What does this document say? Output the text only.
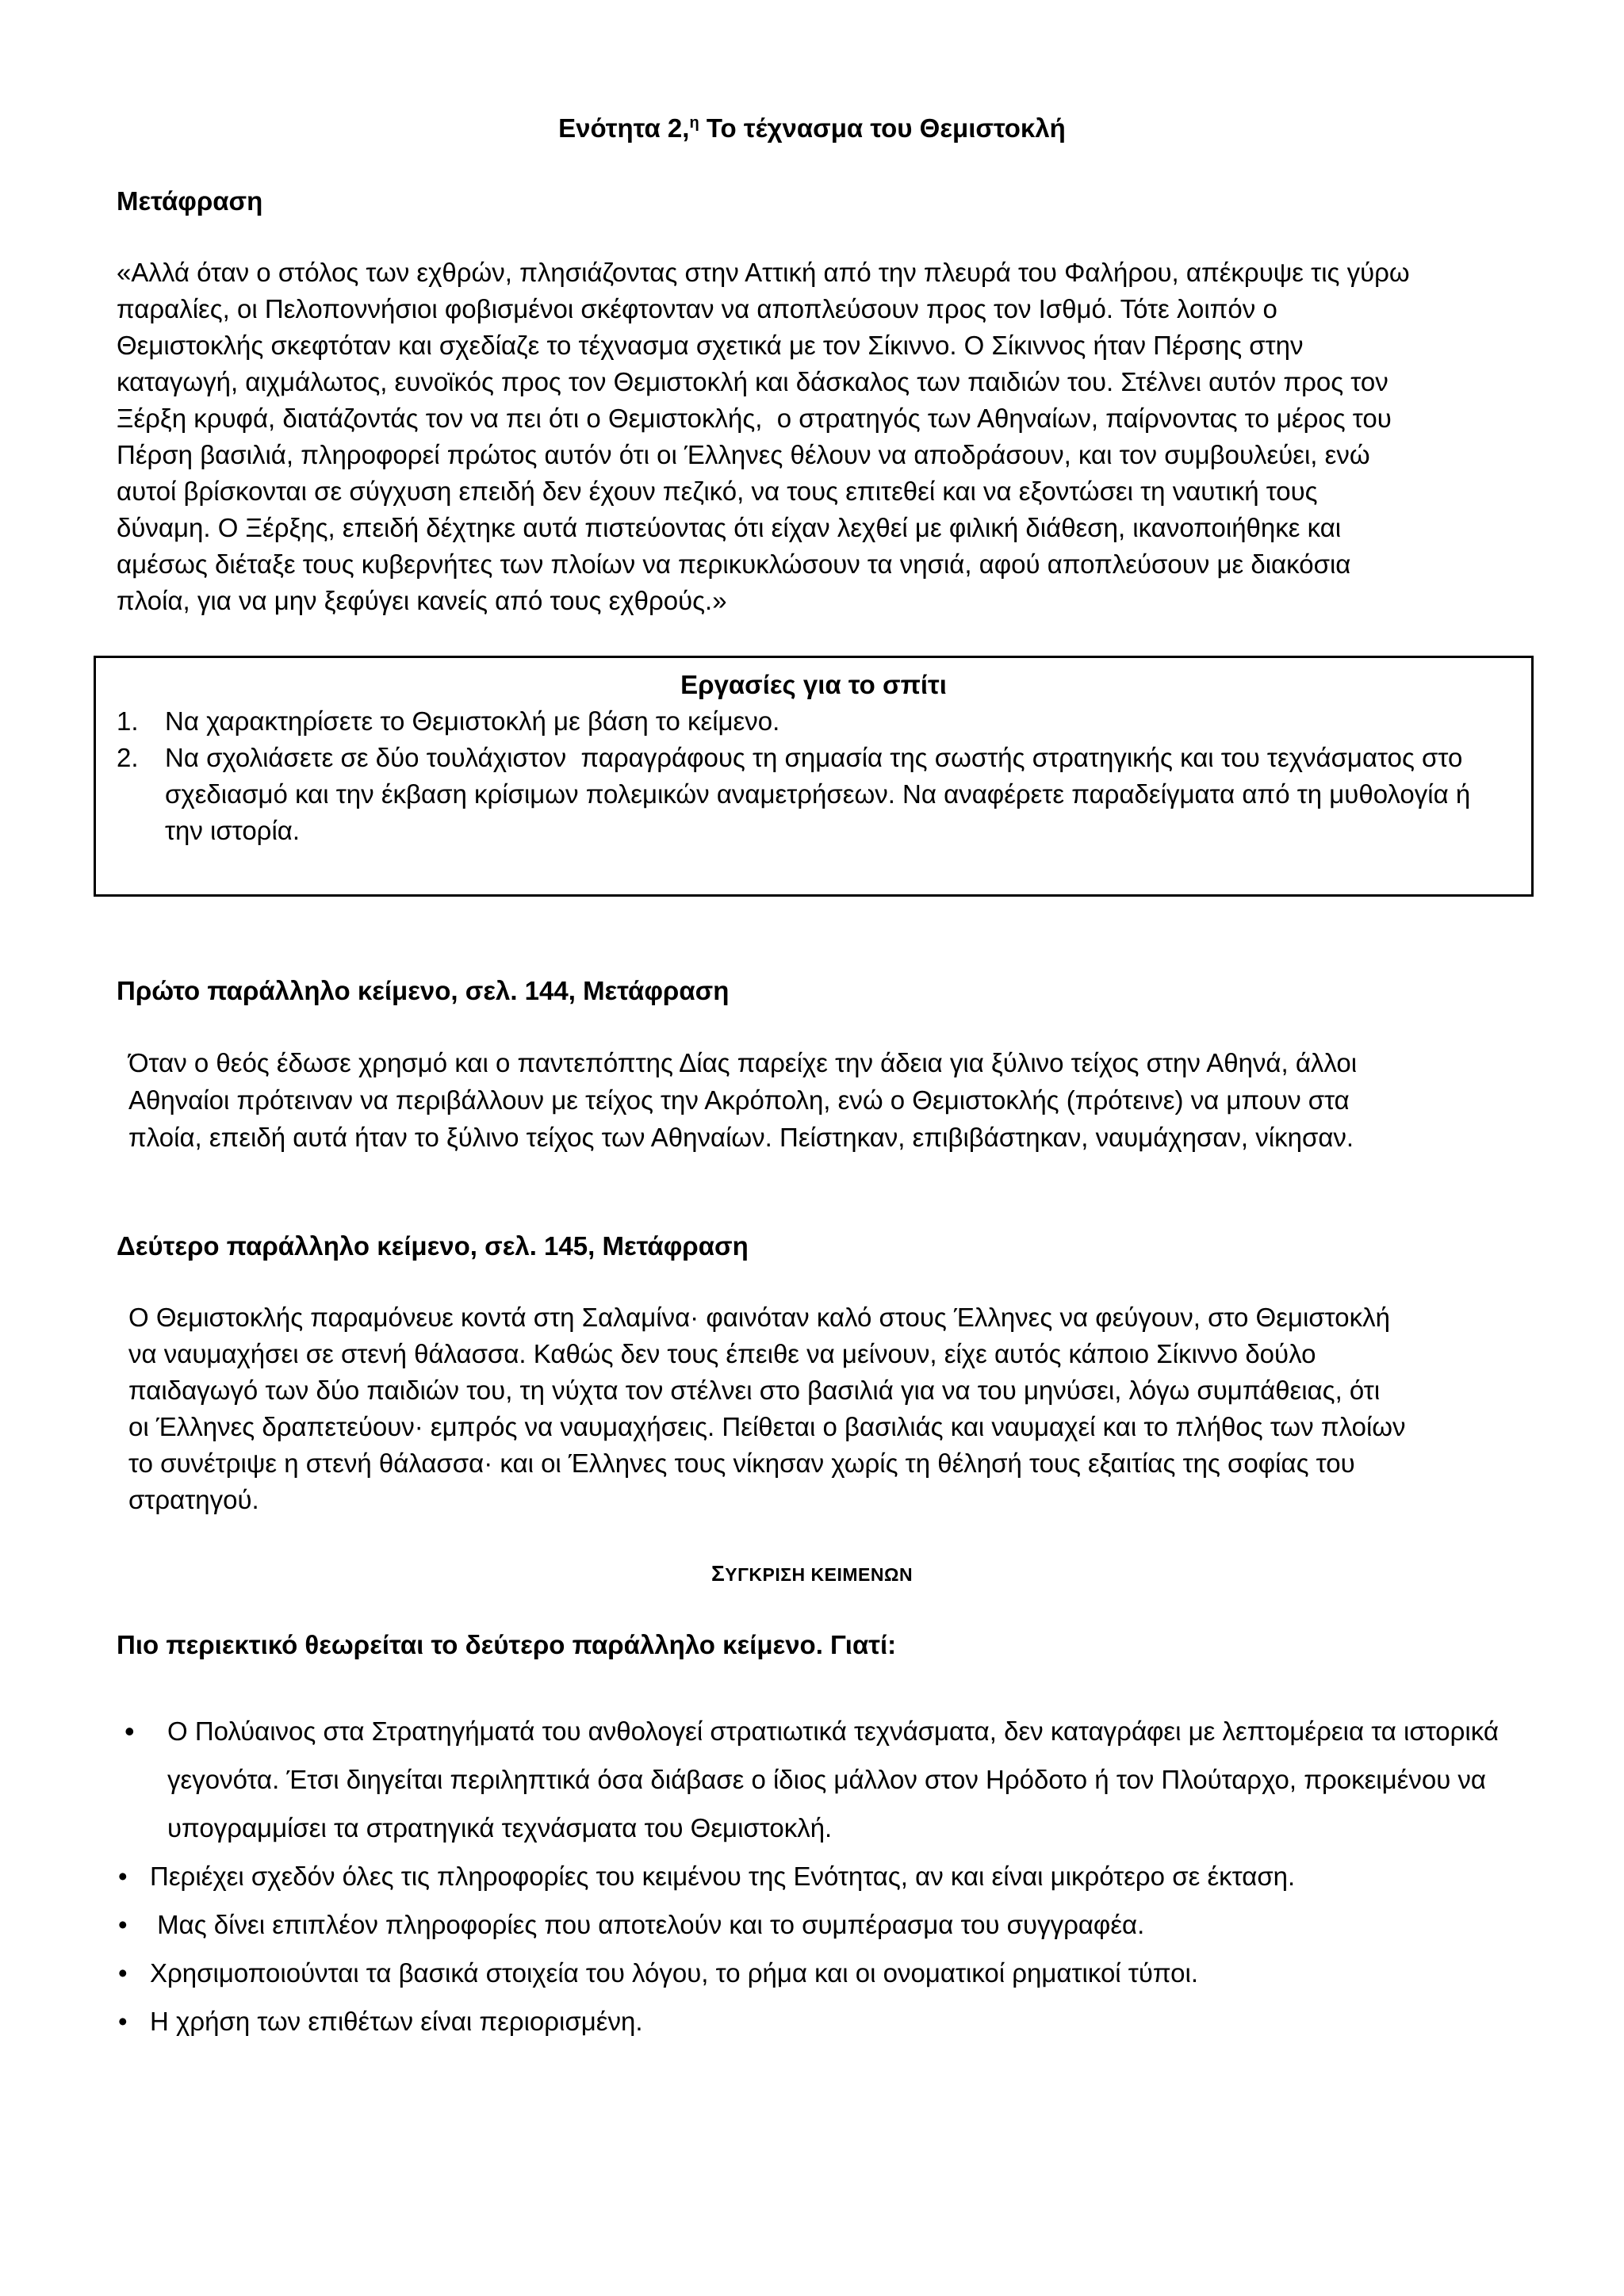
Ενότητα 2,$^\eta$ Το τέχνασμα του Θεμιστοκλή
Μετάφραση
«Αλλά όταν ο στόλος των εχθρών, πλησιάζοντας στην Αττική από την πλευρά του Φαλήρου, απέκρυψε τις γύρω
παραλίες, οι Πελοποννήσιοι φοβισμένοι σκέφτονταν να αποπλεύσουν προς τον Ισθμό. Τότε λοιπόν ο
Θεμιστοκλής σκεφτόταν και σχεδίαζε το τέχνασμα σχετικά με τον Σίκιννο. Ο Σίκιννος ήταν Πέρσης στην
καταγωγή, αιχμάλωτος, ευνοϊκός προς τον Θεμιστοκλή και δάσκαλος των παιδιών του. Στέλνει αυτόν προς τον
Ξέρξη κρυφά, διατάζοντάς τον να πει ότι ο Θεμιστοκλής,  ο στρατηγός των Αθηναίων, παίρνοντας το μέρος του
Πέρση βασιλιά, πληροφορεί πρώτος αυτόν ότι οι Έλληνες θέλουν να αποδράσουν, και τον συμβουλεύει, ενώ
αυτοί βρίσκονται σε σύγχυση επειδή δεν έχουν πεζικό, να τους επιτεθεί και να εξοντώσει τη ναυτική τους
δύναμη. Ο Ξέρξης, επειδή δέχτηκε αυτά πιστεύοντας ότι είχαν λεχθεί με φιλική διάθεση, ικανοποιήθηκε και
αμέσως διέταξε τους κυβερνήτες των πλοίων να περικυκλώσουν τα νησιά, αφού αποπλεύσουν με διακόσια
πλοία, για να μην ξεφύγει κανείς από τους εχθρούς.»
Εργασίες για το σπίτι
1. Να χαρακτηρίσετε το Θεμιστοκλή με βάση το κείμενο.
2. Να σχολιάσετε σε δύο τουλάχιστον  παραγράφους τη σημασία της σωστής στρατηγικής και του τεχνάσματος στο σχεδιασμό και την έκβαση κρίσιμων πολεμικών αναμετρήσεων. Να αναφέρετε παραδείγματα από τη μυθολογία ή την ιστορία.
Πρώτο παράλληλο κείμενο, σελ. 144, Μετάφραση
Όταν ο θεός έδωσε χρησμό και ο παντεπόπτης Δίας παρείχε την άδεια για ξύλινο τείχος στην Αθηνά, άλλοι
Αθηναίοι πρότειναν να περιβάλλουν με τείχος την Ακρόπολη, ενώ ο Θεμιστοκλής (πρότεινε) να μπουν στα
πλοία, επειδή αυτά ήταν το ξύλινο τείχος των Αθηναίων. Πείστηκαν, επιβιβάστηκαν, ναυμάχησαν, νίκησαν.
Δεύτερο παράλληλο κείμενο, σελ. 145, Μετάφραση
Ο Θεμιστοκλής παραμόνευε κοντά στη Σαλαμίνα· φαινόταν καλό στους Έλληνες να φεύγουν, στο Θεμιστοκλή
να ναυμαχήσει σε στενή θάλασσα. Καθώς δεν τους έπειθε να μείνουν, είχε αυτός κάποιο Σίκιννο δούλο
παιδαγωγό των δύο παιδιών του, τη νύχτα τον στέλνει στο βασιλιά για να του μηνύσει, λόγω συμπάθειας, ότι
οι Έλληνες δραπετεύουν· εμπρός να ναυμαχήσεις. Πείθεται ο βασιλιάς και ναυμαχεί και το πλήθος των πλοίων
το συνέτριψε η στενή θάλασσα· και οι Έλληνες τους νίκησαν χωρίς τη θέλησή τους εξαιτίας της σοφίας του
στρατηγού.
ΣΥΓΚΡΙΣΗ ΚΕΙΜΕΝΩΝ
Πιο περιεκτικό θεωρείται το δεύτερο παράλληλο κείμενο. Γιατί:
• Ο Πολύαινος στα Στρατηγήματά του ανθολογεί στρατιωτικά τεχνάσματα, δεν καταγράφει με λεπτομέρεια τα ιστορικά γεγονότα. Έτσι διηγείται περιληπτικά όσα διάβασε ο ίδιος μάλλον στον Ηρόδοτο ή τον Πλούταρχο, προκειμένου να υπογραμμίσει τα στρατηγικά τεχνάσματα του Θεμιστοκλή.
• Περιέχει σχεδόν όλες τις πληροφορίες του κειμένου της Ενότητας, αν και είναι μικρότερο σε έκταση.
• Μας δίνει επιπλέον πληροφορίες που αποτελούν και το συμπέρασμα του συγγραφέα.
• Χρησιμοποιούνται τα βασικά στοιχεία του λόγου, το ρήμα και οι ονοματικοί ρηματικοί τύποι.
• Η χρήση των επιθέτων είναι περιορισμένη.
